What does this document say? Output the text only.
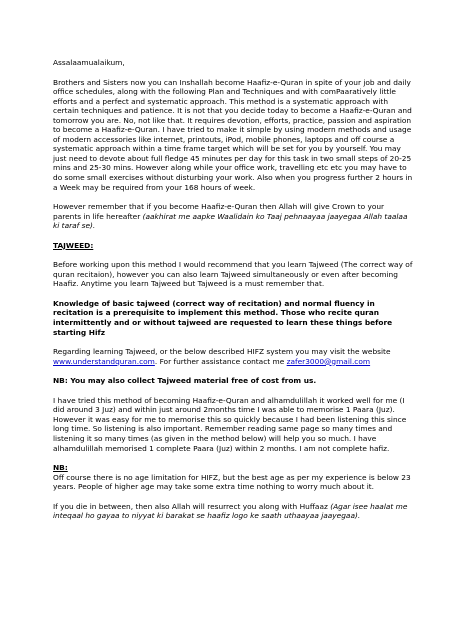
Assalaamualaikum,

Brothers and Sisters now you can Inshallah become Haafiz-e-Quran in spite of your job and daily office schedules, along with the following Plan and Techniques and with comPaaratively little efforts and a perfect and systematic approach. This method is a systematic approach with certain techniques and patience. It is not that you decide today to become a Haafiz-e-Quran and tomorrow you are. No, not like that. It requires devotion, efforts, practice, passion and aspiration to become a Haafiz-e-Quran. I have tried to make it simple by using modern methods and usage of modern accessories like internet, printouts, iPod, mobile phones, laptops and off course a systematic approach within a time frame target which will be set for you by yourself. You may just need to devote about full fledge 45 minutes per day for this task in two small steps of 20-25 mins and 25-30 mins. However along while your office work, travelling etc etc you may have to do some small exercises without disturbing your work. Also when you progress further 2 hours in a Week may be required from your 168 hours of week.

However remember that if you become Haafiz-e-Quran then Allah will give Crown to your parents in life hereafter (aakhirat me aapke Waalidain ko Taaj pehnaayaa jaayegaa Allah taalaa ki taraf se).

TAJWEED:

Before working upon this method I would recommend that you learn Tajweed (The correct way of quran recitaion), however you can also learn Tajweed simultaneously or even after becoming Haafiz. Anytime you learn Tajweed but Tajweed is a must remember that.

Knowledge of basic tajweed (correct way of recitation) and normal fluency in recitation is a prerequisite to implement this method. Those who recite quran intermittently and or without tajweed are requested to learn these things before starting Hifz

Regarding learning Tajweed, or the below described HIFZ system you may visit the website www.understandquran.com. For further assistance contact me zafer3000@gmail.com

NB: You may also collect Tajweed material free of cost from us.

I have tried this method of becoming Haafiz-e-Quran and alhamdulillah it worked well for me (I did around 3 Juz) and within just around 2months time I was able to memorise 1 Paara (Juz). However it was easy for me to memorise this so quickly because I had been listening this since long time. So listening is also important. Remember reading same page so many times and listening it so many times (as given in the method below) will help you so much. I have alhamdulillah memorised 1 complete Paara (Juz) within 2 months. I am not complete hafiz.

NB:

Off course there is no age limitation for HIFZ, but the best age as per my experience is below 23 years. People of higher age may take some extra time nothing to worry much about it.

If you die in between, then also Allah will resurrect you along with Huffaaz (Agar isee haalat me inteqaal ho gayaa to niyyat ki barakat se haafiz logo ke saath uthaayaa jaayegaa).
